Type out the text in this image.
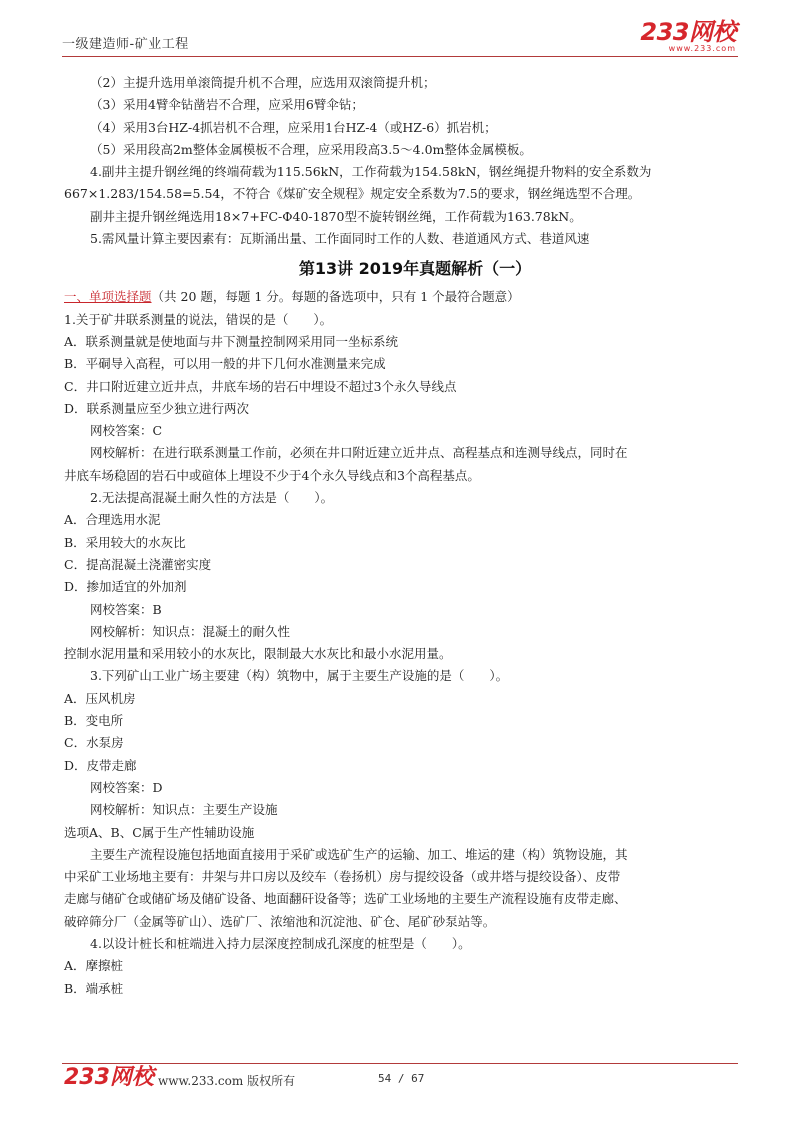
一级建造师-矿业工程	233网校
www.233.com

（2）主提升选用单滚筒提升机不合理，应选用双滚筒提升机；

（3）采用4臂伞钻凿岩不合理，应采用6臂伞钻；

（4）采用3台HZ-4抓岩机不合理，应采用1台HZ-4（或HZ-6）抓岩机；

（5）采用段高2m整体金属模板不合理，应采用段高3.5～4.0m整体金属模板。

4.副井主提升钢丝绳的终端荷载为115.56kN，工作荷载为154.58kN，钢丝绳提升物料的安全系数为

667×1.283/154.58=5.54，不符合《煤矿安全规程》规定安全系数为7.5的要求，钢丝绳选型不合理。

副井主提升钢丝绳选用18×7+FC-Φ40-1870型不旋转钢丝绳，工作荷载为163.78kN。

5.需风量计算主要因素有：瓦斯涌出量、工作面同时工作的人数、巷道通风方式、巷道风速

第13讲 2019年真题解析（一）

一、单项选择题（共 20 题，每题 1 分。每题的备选项中，只有 1 个最符合题意）

1.关于矿井联系测量的说法，错误的是（　　）。

A．联系测量就是使地面与井下测量控制网采用同一坐标系统

B．平硐导入高程，可以用一般的井下几何水准测量来完成

C．井口附近建立近井点，井底车场的岩石中埋设不超过3个永久导线点

D．联系测量应至少独立进行两次

网校答案：C

网校解析：在进行联系测量工作前，必须在井口附近建立近井点、高程基点和连测导线点，同时在

井底车场稳固的岩石中或碹体上埋设不少于4个永久导线点和3个高程基点。

2.无法提高混凝土耐久性的方法是（　　）。

A．合理选用水泥

B．采用较大的水灰比

C．提高混凝土浇灌密实度

D．掺加适宜的外加剂

网校答案：B

网校解析：知识点：混凝土的耐久性

控制水泥用量和采用较小的水灰比，限制最大水灰比和最小水泥用量。

3.下列矿山工业广场主要建（构）筑物中，属于主要生产设施的是（　　）。

A．压风机房

B．变电所

C．水泵房

D．皮带走廊

网校答案：D

网校解析：知识点：主要生产设施

选项A、B、C属于生产性辅助设施

主要生产流程设施包括地面直接用于采矿或选矿生产的运输、加工、堆运的建（构）筑物设施，其

中采矿工业场地主要有：井架与井口房以及绞车（卷扬机）房与提绞设备（或井塔与提绞设备）、皮带

走廊与储矿仓或储矿场及储矿设备、地面翻矸设备等；选矿工业场地的主要生产流程设施有皮带走廊、

破碎筛分厂（金属等矿山）、选矿厂、浓缩池和沉淀池、矿仓、尾矿砂泵站等。

4.以设计桩长和桩端进入持力层深度控制成孔深度的桩型是（　　）。

A．摩擦桩

B．端承桩

233网校 www.233.com 版权所有	54 / 67
